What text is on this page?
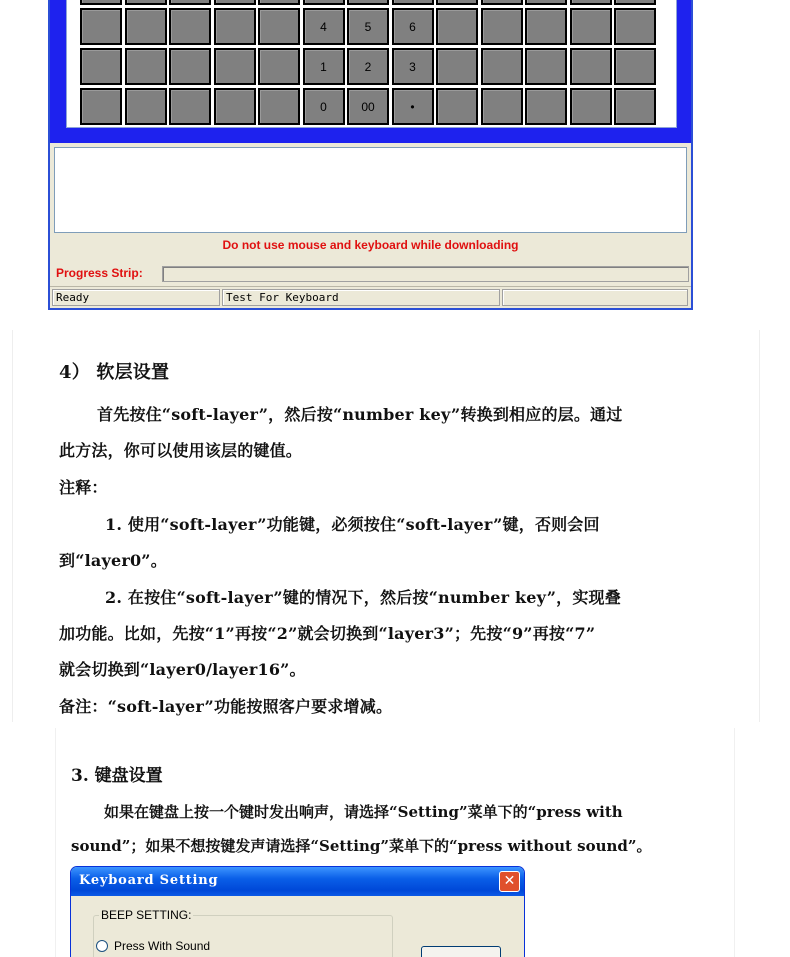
4	5	6
1	2	3
0	00	•
Do not use mouse and keyboard while downloading
Progress Strip:
Ready	Test For Keyboard
4） 软层设置
首先按住“soft-layer”，然后按“number key”转换到相应的层。通过
此方法，你可以使用该层的键值。
注释：
1. 使用“soft-layer”功能键，必须按住“soft-layer”键，否则会回
到“layer0”。
2. 在按住“soft-layer”键的情况下，然后按“number key”，实现叠
加功能。比如，先按“1”再按“2”就会切换到“layer3”；先按“9”再按“7”
就会切换到“layer0/layer16”。
备注：“soft-layer”功能按照客户要求增减。
3. 键盘设置
如果在键盘上按一个键时发出响声，请选择“Setting”菜单下的“press with
sound”；如果不想按键发声请选择“Setting”菜单下的“press without sound”。
Keyboard Setting	✕
BEEP SETTING:
Press With Sound
